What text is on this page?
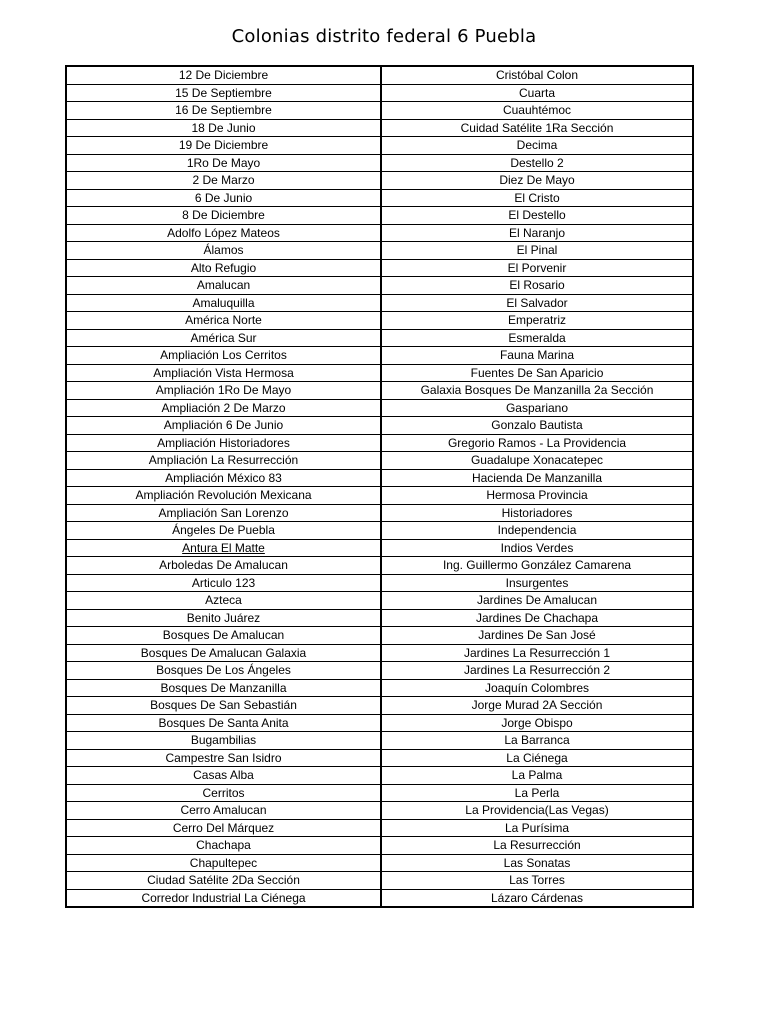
Colonias distrito federal 6 Puebla
12 De Diciembre	Cristóbal Colon
15 De Septiembre	Cuarta
16 De Septiembre	Cuauhtémoc
18 De Junio	Cuidad Satélite 1Ra Sección
19 De Diciembre	Decima
1Ro De Mayo	Destello 2
2 De Marzo	Diez De Mayo
6 De Junio	El Cristo
8 De Diciembre	El Destello
Adolfo López Mateos	El Naranjo
Álamos	El Pinal
Alto Refugio	El Porvenir
Amalucan	El Rosario
Amaluquilla	El Salvador
América Norte	Emperatriz
América Sur	Esmeralda
Ampliación Los Cerritos	Fauna Marina
Ampliación Vista Hermosa	Fuentes De San Aparicio
Ampliación 1Ro De Mayo	Galaxia Bosques De Manzanilla 2a Sección
Ampliación 2 De Marzo	Gaspariano
Ampliación 6 De Junio	Gonzalo Bautista
Ampliación Historiadores	Gregorio Ramos - La Providencia
Ampliación La Resurrección	Guadalupe Xonacatepec
Ampliación México 83	Hacienda De Manzanilla
Ampliación Revolución Mexicana	Hermosa Provincia
Ampliación San Lorenzo	Historiadores
Ángeles De Puebla	Independencia
Antura El Matte	Indios Verdes
Arboledas De Amalucan	Ing. Guillermo González Camarena
Articulo 123	Insurgentes
Azteca	Jardines De Amalucan
Benito Juárez	Jardines De Chachapa
Bosques De Amalucan	Jardines De San José
Bosques De Amalucan Galaxia	Jardines La Resurrección 1
Bosques De Los Ángeles	Jardines La Resurrección 2
Bosques De Manzanilla	Joaquín Colombres
Bosques De San Sebastián	Jorge Murad 2A Sección
Bosques De Santa Anita	Jorge Obispo
Bugambilias	La Barranca
Campestre San Isidro	La Ciénega
Casas Alba	La Palma
Cerritos	La Perla
Cerro Amalucan	La Providencia(Las Vegas)
Cerro Del Márquez	La Purísima
Chachapa	La Resurrección
Chapultepec	Las Sonatas
Ciudad Satélite 2Da Sección	Las Torres
Corredor Industrial La Ciénega	Lázaro Cárdenas
